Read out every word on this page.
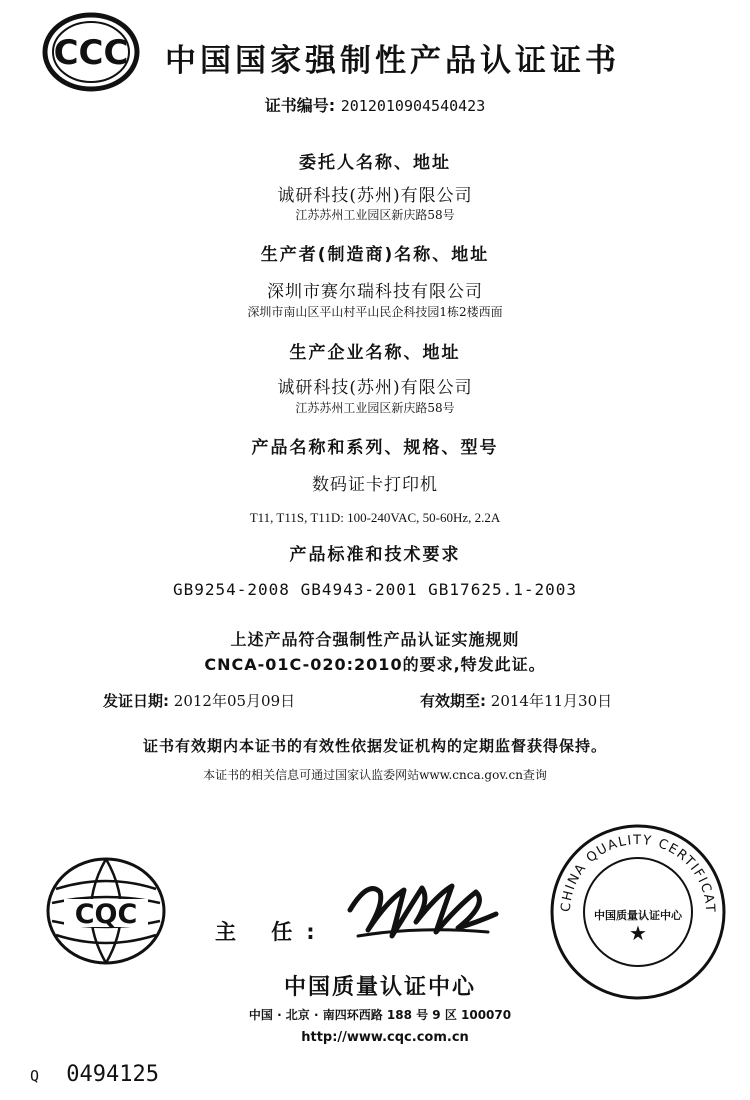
CCC 中国国家强制性产品认证证书
证书编号: 2012010904540423
委托人名称、地址
诚研科技(苏州)有限公司
江苏苏州工业园区新庆路58号
生产者(制造商)名称、地址
深圳市赛尔瑞科技有限公司
深圳市南山区平山村平山民企科技园1栋2楼西面
生产企业名称、地址
诚研科技(苏州)有限公司
江苏苏州工业园区新庆路58号
产品名称和系列、规格、型号
数码证卡打印机
T11, T11S, T11D: 100-240VAC, 50-60Hz, 2.2A
产品标准和技术要求
GB9254-2008 GB4943-2001 GB17625.1-2003
上述产品符合强制性产品认证实施规则
CNCA-01C-020:2010的要求,特发此证。
发证日期: 2012年05月09日	有效期至: 2014年11月30日
证书有效期内本证书的有效性依据发证机构的定期监督获得保持。
本证书的相关信息可通过国家认监委网站www.cnca.gov.cn查询
CQC
主 任:
中国质量认证中心
中国 · 北京 · 南四环西路 188 号 9 区 100070
http://www.cqc.com.cn
CHINA QUALITY CERTIFICAT
中国质量认证中心
★
Q 0494125
